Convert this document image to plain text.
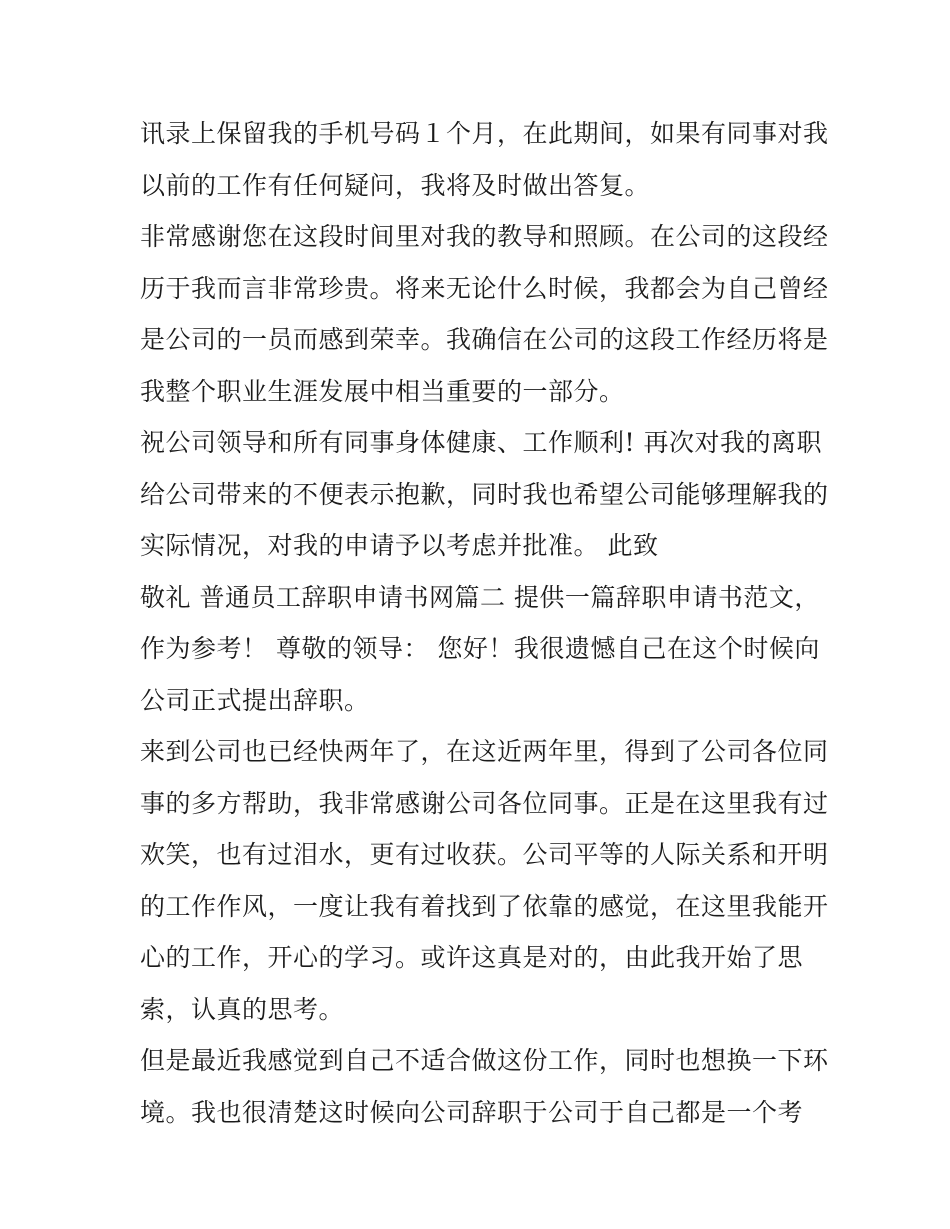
讯录上保留我的手机号码１个月，在此期间，如果有同事对我
以前的工作有任何疑问，我将及时做出答复。
非常感谢您在这段时间里对我的教导和照顾。在公司的这段经
历于我而言非常珍贵。将来无论什么时候，我都会为自己曾经
是公司的一员而感到荣幸。我确信在公司的这段工作经历将是
我整个职业生涯发展中相当重要的一部分。
祝公司领导和所有同事身体健康、工作顺利! 再次对我的离职
给公司带来的不便表示抱歉，同时我也希望公司能够理解我的
实际情况，对我的申请予以考虑并批准。 此致
敬礼 普通员工辞职申请书网篇二 提供一篇辞职申请书范文，
作为参考！ 尊敬的领导： 您好！我很遗憾自己在这个时候向
公司正式提出辞职。
来到公司也已经快两年了，在这近两年里，得到了公司各位同
事的多方帮助，我非常感谢公司各位同事。正是在这里我有过
欢笑，也有过泪水，更有过收获。公司平等的人际关系和开明
的工作作风，一度让我有着找到了依靠的感觉，在这里我能开
心的工作，开心的学习。或许这真是对的，由此我开始了思
索，认真的思考。
但是最近我感觉到自己不适合做这份工作，同时也想换一下环
境。我也很清楚这时候向公司辞职于公司于自己都是一个考
